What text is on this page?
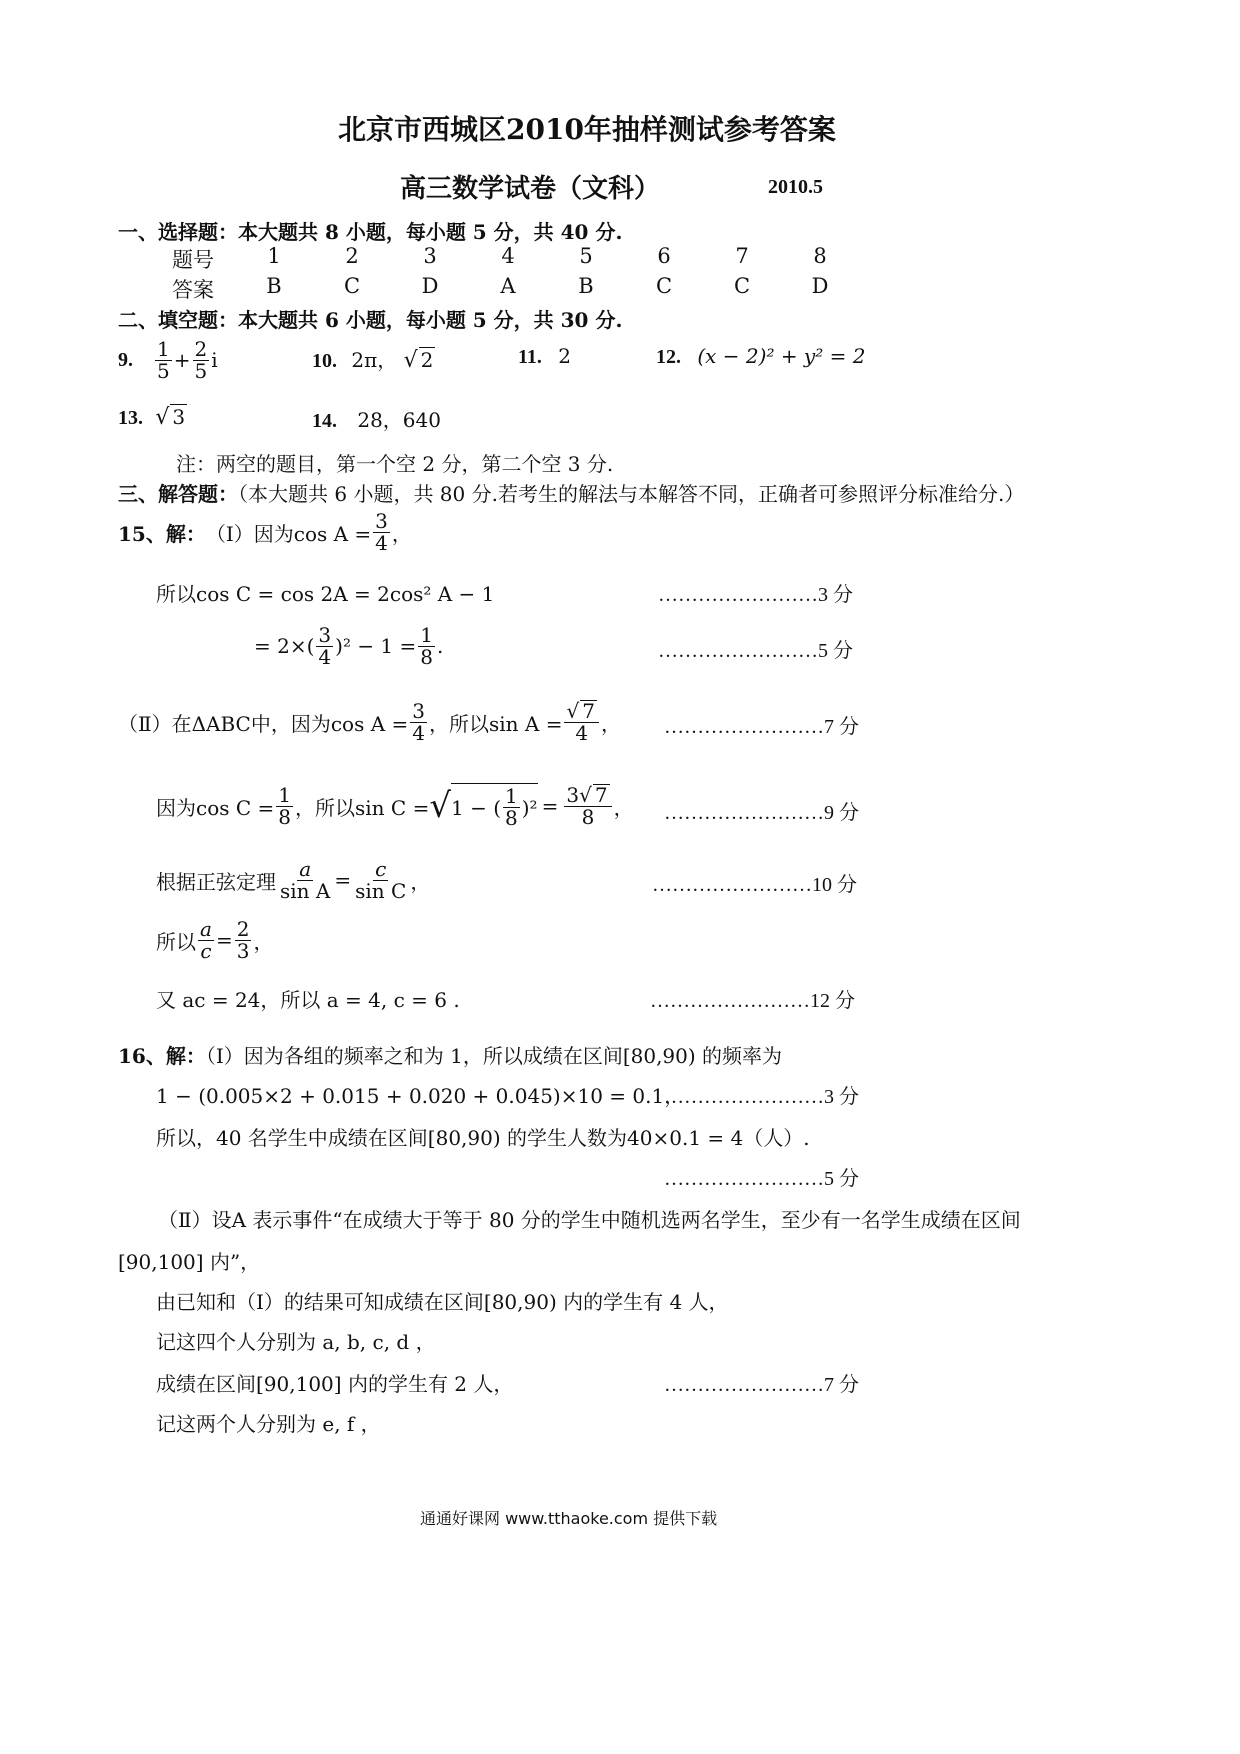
北京市西城区2010年抽样测试参考答案
高三数学试卷（文科）	2010.5
一、选择题：本大题共 8 小题，每小题 5 分，共 40 分.
题号	1	2	3	4	5	6	7	8
答案	B	C	D	A	B	C	C	D
二、填空题：本大题共 6 小题，每小题 5 分，共 30 分.
9. $\frac{1}{5} + \frac{2}{5}$ i	10. 2π， √ 2	11. 2	12. (x − 2)² + y² = 2
13. √ 3	14. 28，640
注：两空的题目，第一个空 2 分，第二个空 3 分.
三、解答题：（本大题共 6 小题，共 80 分.若考生的解法与本解答不同，正确者可参照评分标准给分.）
15、解： （Ⅰ）因为$\cos A = \frac{3}{4}$ ，
所以cos C = cos 2A = 2cos² A − 1	……………………3 分
= $2\times( \frac{3}{4} )^2 - 1 = \frac{1}{8}$ .	……………………5 分
（Ⅱ）在ΔABC中，因为$\cos A = \frac{3}{4}$ ，所以$\sin A = \frac{√ 7}{4}$ ， ……………………7 分
因为$\cos C = \frac{1}{8}$ ，所以sin C = √ 1 − ( $\frac{1}{8} )^2 = \frac{3√ 7}{8}$ ， ……………………9 分
根据正弦定理 $\frac{a}{\text{sin A}} = \frac{c}{\text{sin C}}$ ，	……………………10 分
所以 $\frac{a}{c} = \frac{2}{3}$ ，
又 ac = 24，所以 a = 4, c = 6 .	……………………12 分
16、解：（Ⅰ）因为各组的频率之和为 1，所以成绩在区间[80,90) 的频率为
1 − (0.005×2 + 0.015 + 0.020 + 0.045)×10 = 0.1，
……………………3 分
所以，40 名学生中成绩在区间[80,90) 的学生人数为40×0.1 = 4（人）.
……………………5 分
（Ⅱ）设A 表示事件“在成绩大于等于 80 分的学生中随机选两名学生，至少有一名学生成绩在区间
[90,100] 内”，
由已知和（Ⅰ）的结果可知成绩在区间[80,90) 内的学生有 4 人，
记这四个人分别为 a, b, c, d ，
成绩在区间[90,100] 内的学生有 2 人，	……………………7 分
记这两个人分别为 e, f ，
通通好课网 www.tthaoke.com 提供下载
